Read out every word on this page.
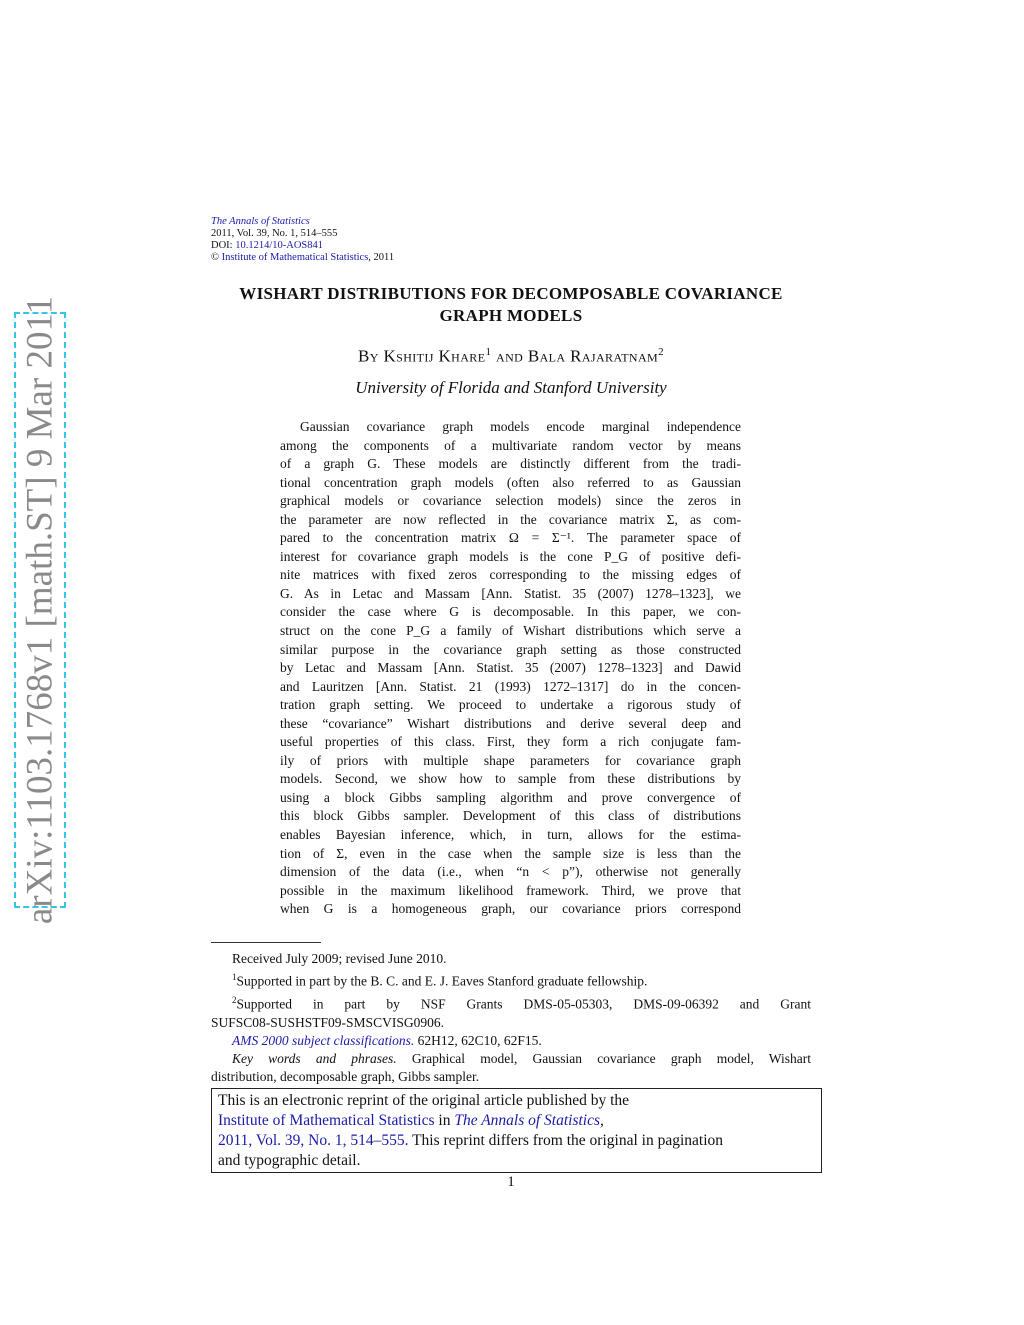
arXiv:1103.1768v1 [math.ST] 9 Mar 2011
The Annals of Statistics
2011, Vol. 39, No. 1, 514–555
DOI: 10.1214/10-AOS841
© Institute of Mathematical Statistics, 2011
WISHART DISTRIBUTIONS FOR DECOMPOSABLE COVARIANCE
GRAPH MODELS
By Kshitij Khare$^1$ and Bala Rajaratnam$^2$
University of Florida and Stanford University
Gaussian covariance graph models encode marginal independence
among the components of a multivariate random vector by means
of a graph G. These models are distinctly different from the tradi-
tional concentration graph models (often also referred to as Gaussian
graphical models or covariance selection models) since the zeros in
the parameter are now reflected in the covariance matrix Σ, as com-
pared to the concentration matrix Ω = Σ⁻¹. The parameter space of
interest for covariance graph models is the cone P_G of positive defi-
nite matrices with fixed zeros corresponding to the missing edges of
G. As in Letac and Massam [Ann. Statist. 35 (2007) 1278–1323], we
consider the case where G is decomposable. In this paper, we con-
struct on the cone P_G a family of Wishart distributions which serve a
similar purpose in the covariance graph setting as those constructed
by Letac and Massam [Ann. Statist. 35 (2007) 1278–1323] and Dawid
and Lauritzen [Ann. Statist. 21 (1993) 1272–1317] do in the concen-
tration graph setting. We proceed to undertake a rigorous study of
these “covariance” Wishart distributions and derive several deep and
useful properties of this class. First, they form a rich conjugate fam-
ily of priors with multiple shape parameters for covariance graph
models. Second, we show how to sample from these distributions by
using a block Gibbs sampling algorithm and prove convergence of
this block Gibbs sampler. Development of this class of distributions
enables Bayesian inference, which, in turn, allows for the estima-
tion of Σ, even in the case when the sample size is less than the
dimension of the data (i.e., when “n < p”), otherwise not generally
possible in the maximum likelihood framework. Third, we prove that
when G is a homogeneous graph, our covariance priors correspond
Received July 2009; revised June 2010.
$^1$Supported in part by the B. C. and E. J. Eaves Stanford graduate fellowship.
$^2$Supported in part by NSF Grants DMS-05-05303, DMS-09-06392 and Grant
SUFSC08-SUSHSTF09-SMSCVISG0906.
AMS 2000 subject classifications. 62H12, 62C10, 62F15.
Key words and phrases. Graphical model, Gaussian covariance graph model, Wishart
distribution, decomposable graph, Gibbs sampler.
This is an electronic reprint of the original article published by the
Institute of Mathematical Statistics in The Annals of Statistics,
2011, Vol. 39, No. 1, 514–555. This reprint differs from the original in pagination
and typographic detail.
1
